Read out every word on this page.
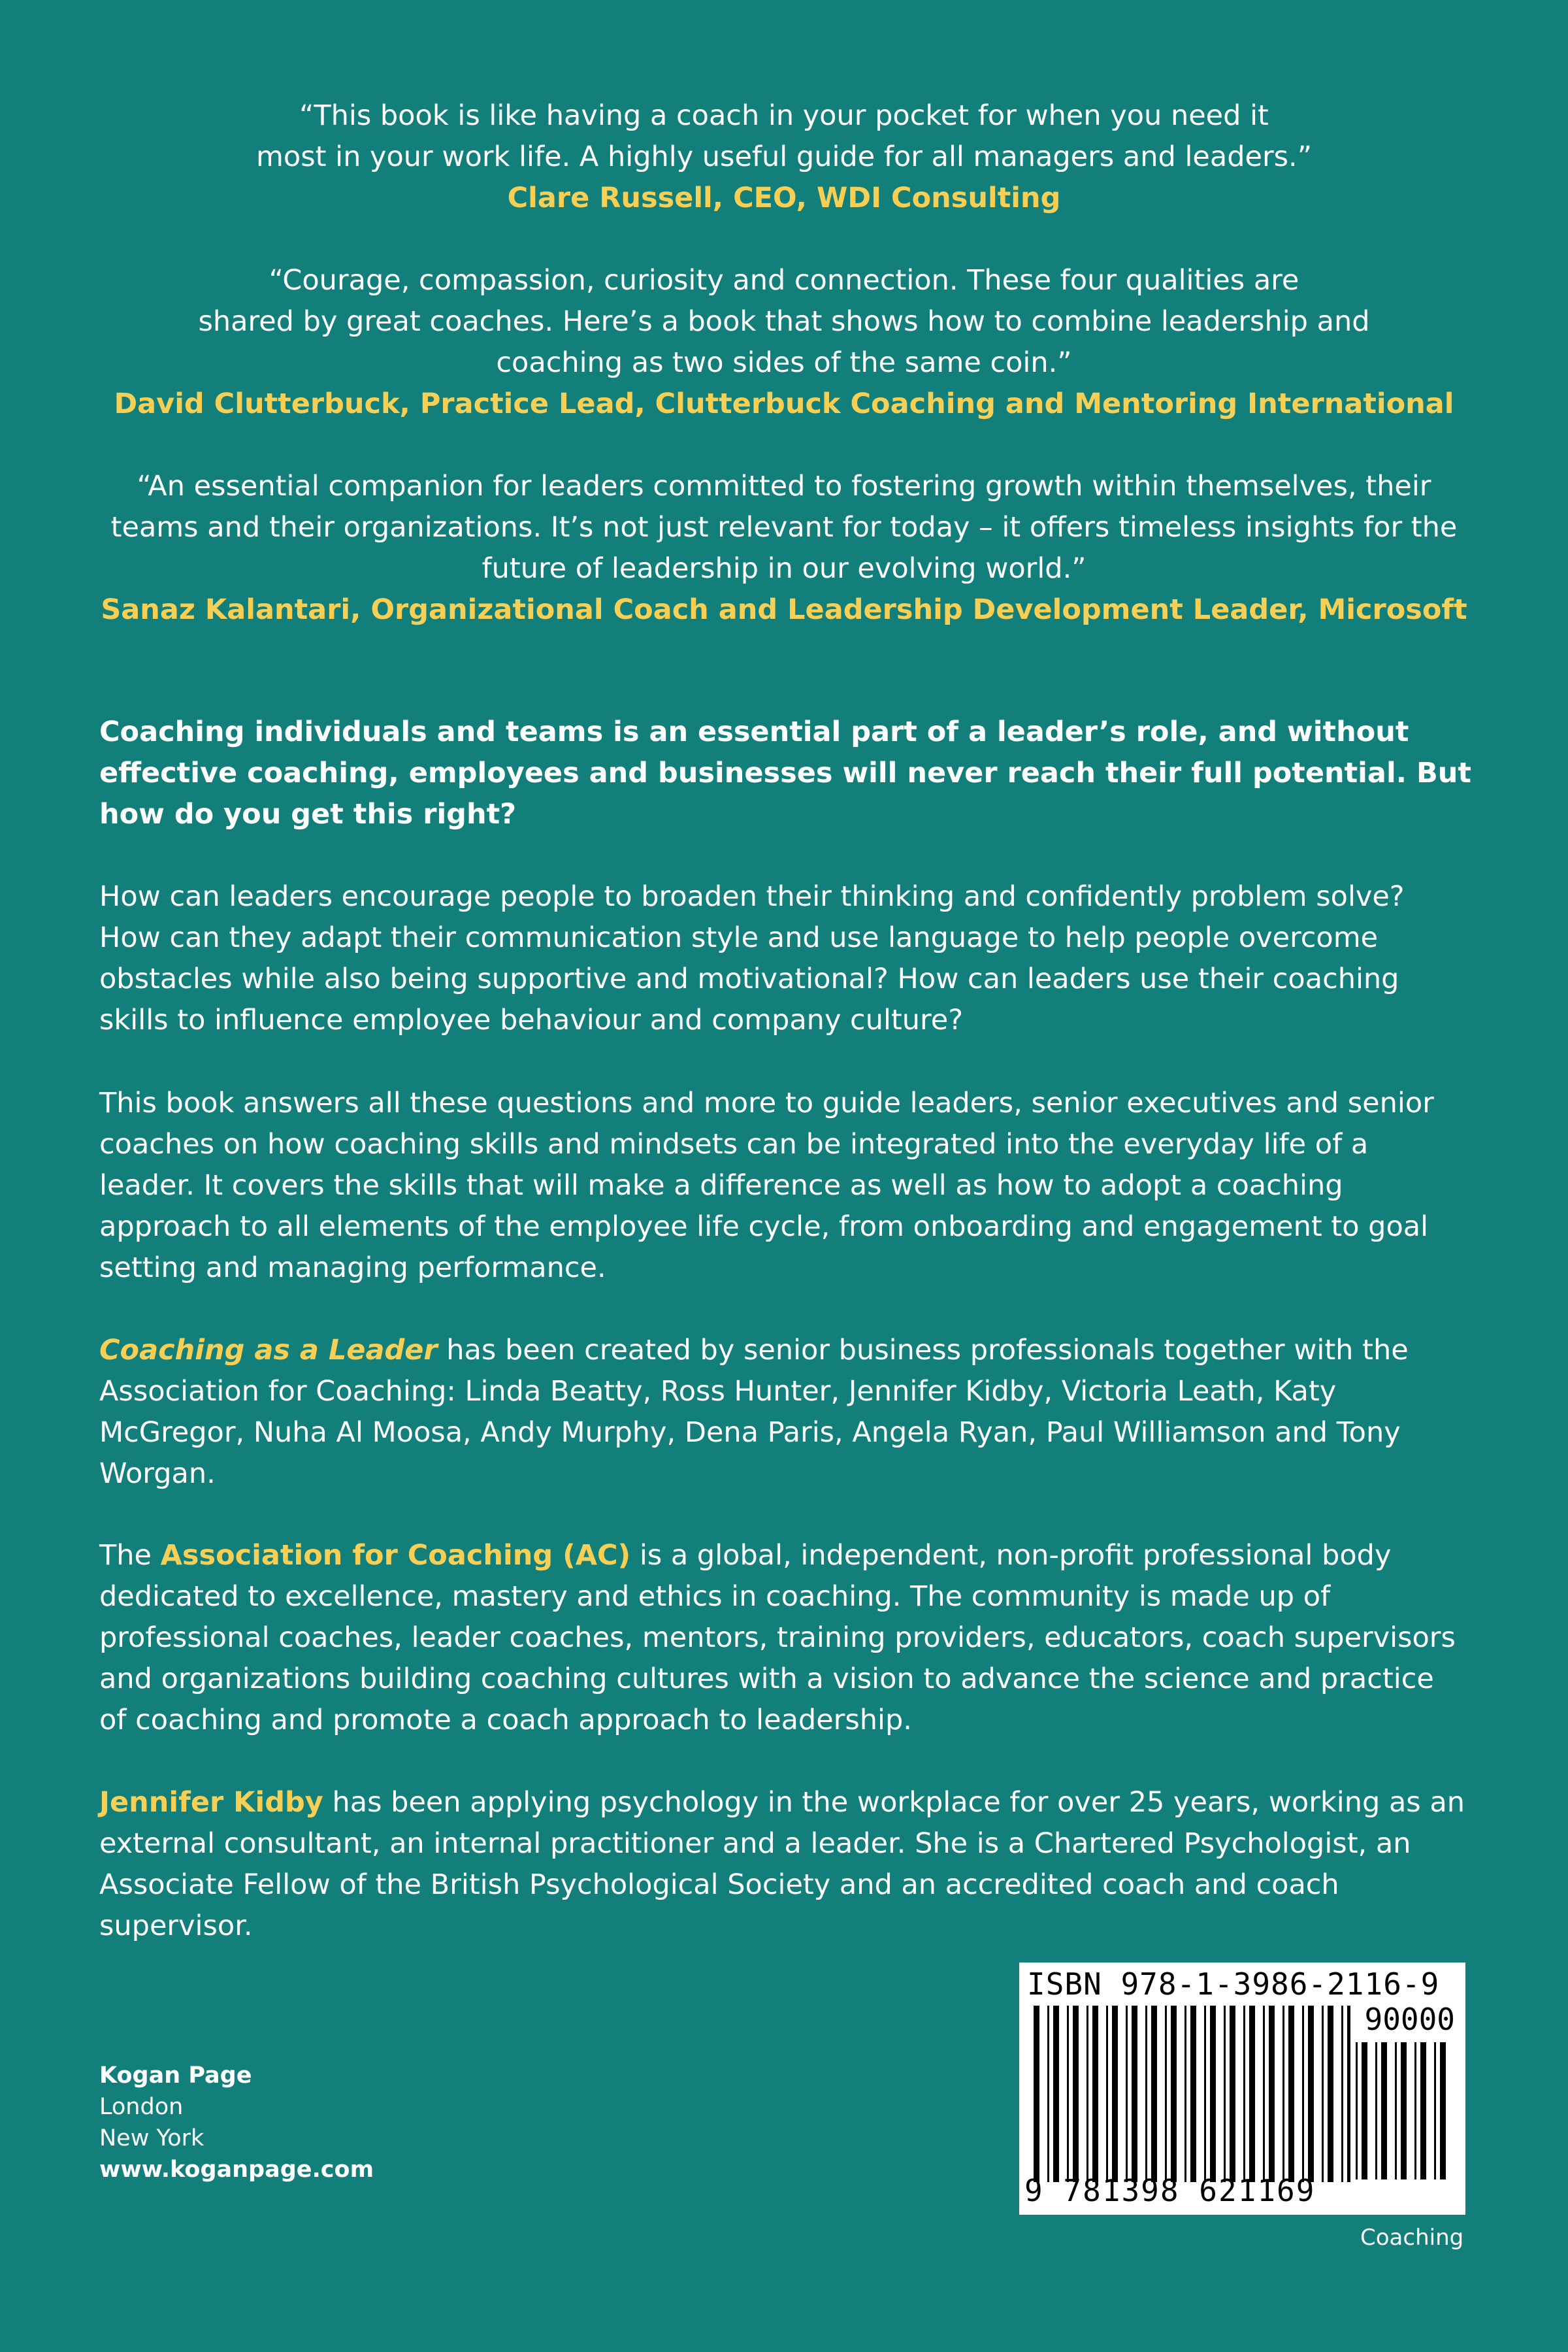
“This book is like having a coach in your pocket for when you need it
most in your work life. A highly useful guide for all managers and leaders.”
Clare Russell, CEO, WDI Consulting
“Courage, compassion, curiosity and connection. These four qualities are
shared by great coaches. Here’s a book that shows how to combine leadership and
coaching as two sides of the same coin.”
David Clutterbuck, Practice Lead, Clutterbuck Coaching and Mentoring International
“An essential companion for leaders committed to fostering growth within themselves, their
teams and their organizations. It’s not just relevant for today – it offers timeless insights for the
future of leadership in our evolving world.”
Sanaz Kalantari, Organizational Coach and Leadership Development Leader, Microsoft
Coaching individuals and teams is an essential part of a leader’s role, and without
effective coaching, employees and businesses will never reach their full potential. But
how do you get this right?
How can leaders encourage people to broaden their thinking and confidently problem solve?
How can they adapt their communication style and use language to help people overcome
obstacles while also being supportive and motivational? How can leaders use their coaching
skills to influence employee behaviour and company culture?
This book answers all these questions and more to guide leaders, senior executives and senior
coaches on how coaching skills and mindsets can be integrated into the everyday life of a
leader. It covers the skills that will make a difference as well as how to adopt a coaching
approach to all elements of the employee life cycle, from onboarding and engagement to goal
setting and managing performance.
Coaching as a Leader has been created by senior business professionals together with the
Association for Coaching: Linda Beatty, Ross Hunter, Jennifer Kidby, Victoria Leath, Katy
McGregor, Nuha Al Moosa, Andy Murphy, Dena Paris, Angela Ryan, Paul Williamson and Tony
Worgan.
The Association for Coaching (AC) is a global, independent, non-profit professional body
dedicated to excellence, mastery and ethics in coaching. The community is made up of
professional coaches, leader coaches, mentors, training providers, educators, coach supervisors
and organizations building coaching cultures with a vision to advance the science and practice
of coaching and promote a coach approach to leadership.
Jennifer Kidby has been applying psychology in the workplace for over 25 years, working as an
external consultant, an internal practitioner and a leader. She is a Chartered Psychologist, an
Associate Fellow of the British Psychological Society and an accredited coach and coach
supervisor.
Kogan Page
London
New York
www.koganpage.com
ISBN 978-1-3986-2116-9
90000
9 781398 621169
Coaching
